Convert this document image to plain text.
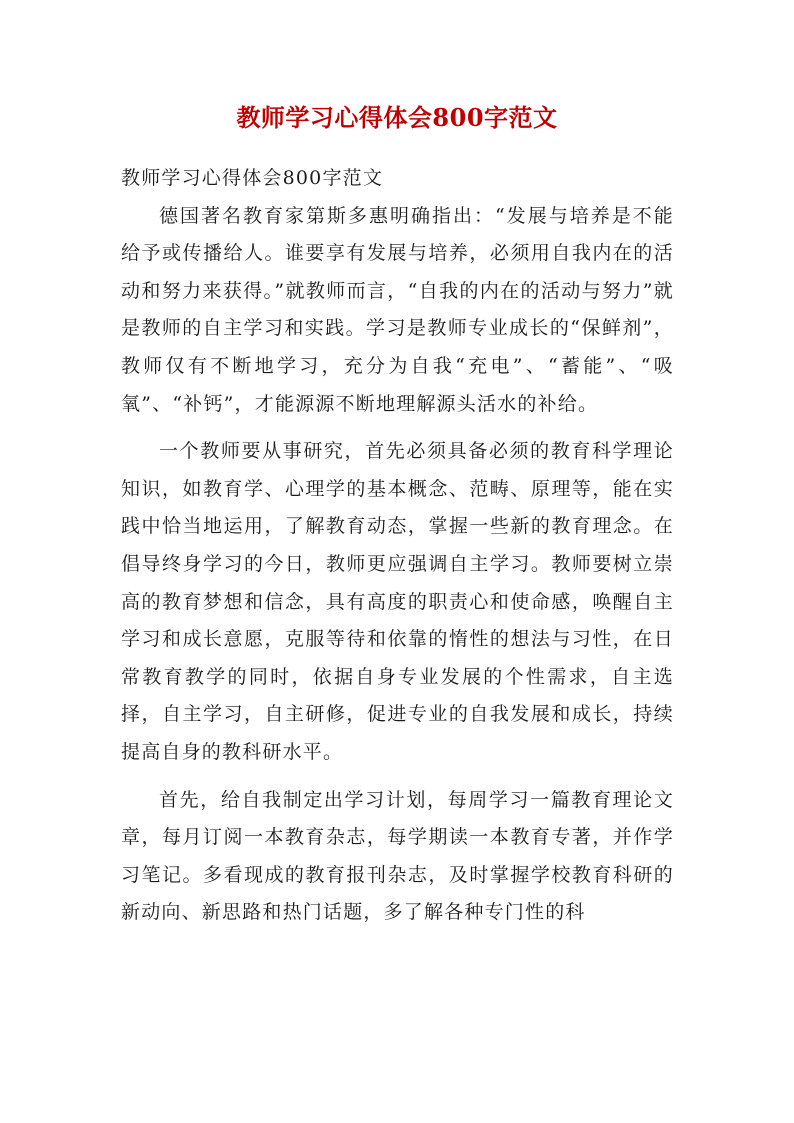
教师学习心得体会800字范文

教师学习心得体会800字范文

德国著名教育家第斯多惠明确指出：“发展与培养是不能给予或传播给人。谁要享有发展与培养，必须用自我内在的活动和努力来获得。”就教师而言，“自我的内在的活动与努力”就是教师的自主学习和实践。学习是教师专业成长的“保鲜剂”，教师仅有不断地学习，充分为自我“充电”、“蓄能”、“吸氧”、“补钙”，才能源源不断地理解源头活水的补给。

一个教师要从事研究，首先必须具备必须的教育科学理论知识，如教育学、心理学的基本概念、范畴、原理等，能在实践中恰当地运用，了解教育动态，掌握一些新的教育理念。在倡导终身学习的今日，教师更应强调自主学习。教师要树立崇高的教育梦想和信念，具有高度的职责心和使命感，唤醒自主学习和成长意愿，克服等待和依靠的惰性的想法与习性，在日常教育教学的同时，依据自身专业发展的个性需求，自主选择，自主学习，自主研修，促进专业的自我发展和成长，持续提高自身的教科研水平。

首先，给自我制定出学习计划，每周学习一篇教育理论文章，每月订阅一本教育杂志，每学期读一本教育专著，并作学习笔记。多看现成的教育报刊杂志，及时掌握学校教育科研的新动向、新思路和热门话题，多了解各种专门性的科
